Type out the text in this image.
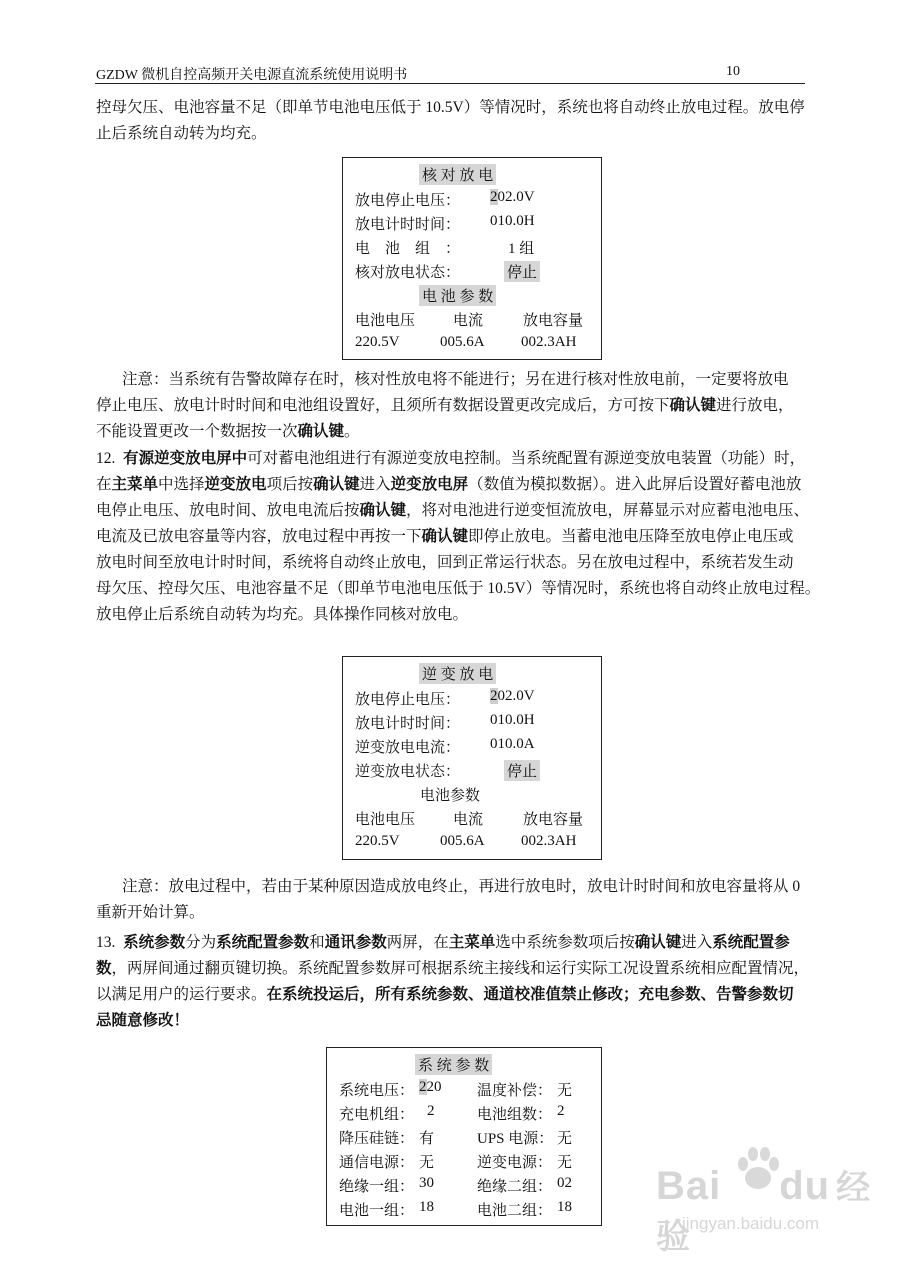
GZDW 微机自控高频开关电源直流系统使用说明书	10
控母欠压、电池容量不足（即单节电池电压低于 10.5V）等情况时，系统也将自动终止放电过程。放电停
止后系统自动转为均充。
核 对 放 电
放电停止电压： 202.0V
放电计时时间： 010.0H
电　池　组　：	1 组
核对放电状态：	停止
电 池 参 数
电池电压	电流	放电容量
220.5V	005.6A 002.3AH
注意：当系统有告警故障存在时，核对性放电将不能进行；另在进行核对性放电前，一定要将放电
停止电压、放电计时时间和电池组设置好，且须所有数据设置更改完成后，方可按下确认键进行放电，
不能设置更改一个数据按一次确认键。
12. 有源逆变放电屏中可对蓄电池组进行有源逆变放电控制。当系统配置有源逆变放电装置（功能）时，
在主菜单中选择逆变放电项后按确认键进入逆变放电屏（数值为模拟数据）。进入此屏后设置好蓄电池放
电停止电压、放电时间、放电电流后按确认键，将对电池进行逆变恒流放电，屏幕显示对应蓄电池电压、
电流及已放电容量等内容，放电过程中再按一下确认键即停止放电。当蓄电池电压降至放电停止电压或
放电时间至放电计时时间，系统将自动终止放电，回到正常运行状态。另在放电过程中，系统若发生动
母欠压、控母欠压、电池容量不足（即单节电池电压低于 10.5V）等情况时，系统也将自动终止放电过程。
放电停止后系统自动转为均充。具体操作同核对放电。
逆 变 放 电
放电停止电压： 202.0V
放电计时时间： 010.0H
逆变放电电流： 010.0A
逆变放电状态：	停止
电池参数
电池电压	电流	放电容量
220.5V	005.6A 002.3AH
注意：放电过程中，若由于某种原因造成放电终止，再进行放电时，放电计时时间和放电容量将从 0
重新开始计算。
13. 系统参数分为系统配置参数和通讯参数两屏，在主菜单选中系统参数项后按确认键进入系统配置参
数，两屏间通过翻页键切换。系统配置参数屏可根据系统主接线和运行实际工况设置系统相应配置情况，
以满足用户的运行要求。在系统投运后，所有系统参数、通道校准值禁止修改；充电参数、告警参数切
忌随意修改！
系 统 参 数
系统电压： 220 温度补偿： 无
充电机组： 2	电池组数： 2
降压硅链： 有	UPS 电源： 无
通信电源： 无	逆变电源： 无
绝缘一组： 30	绝缘二组： 02
电池一组： 18	电池二组： 18 Bai du 经验
jingyan.baidu.com
